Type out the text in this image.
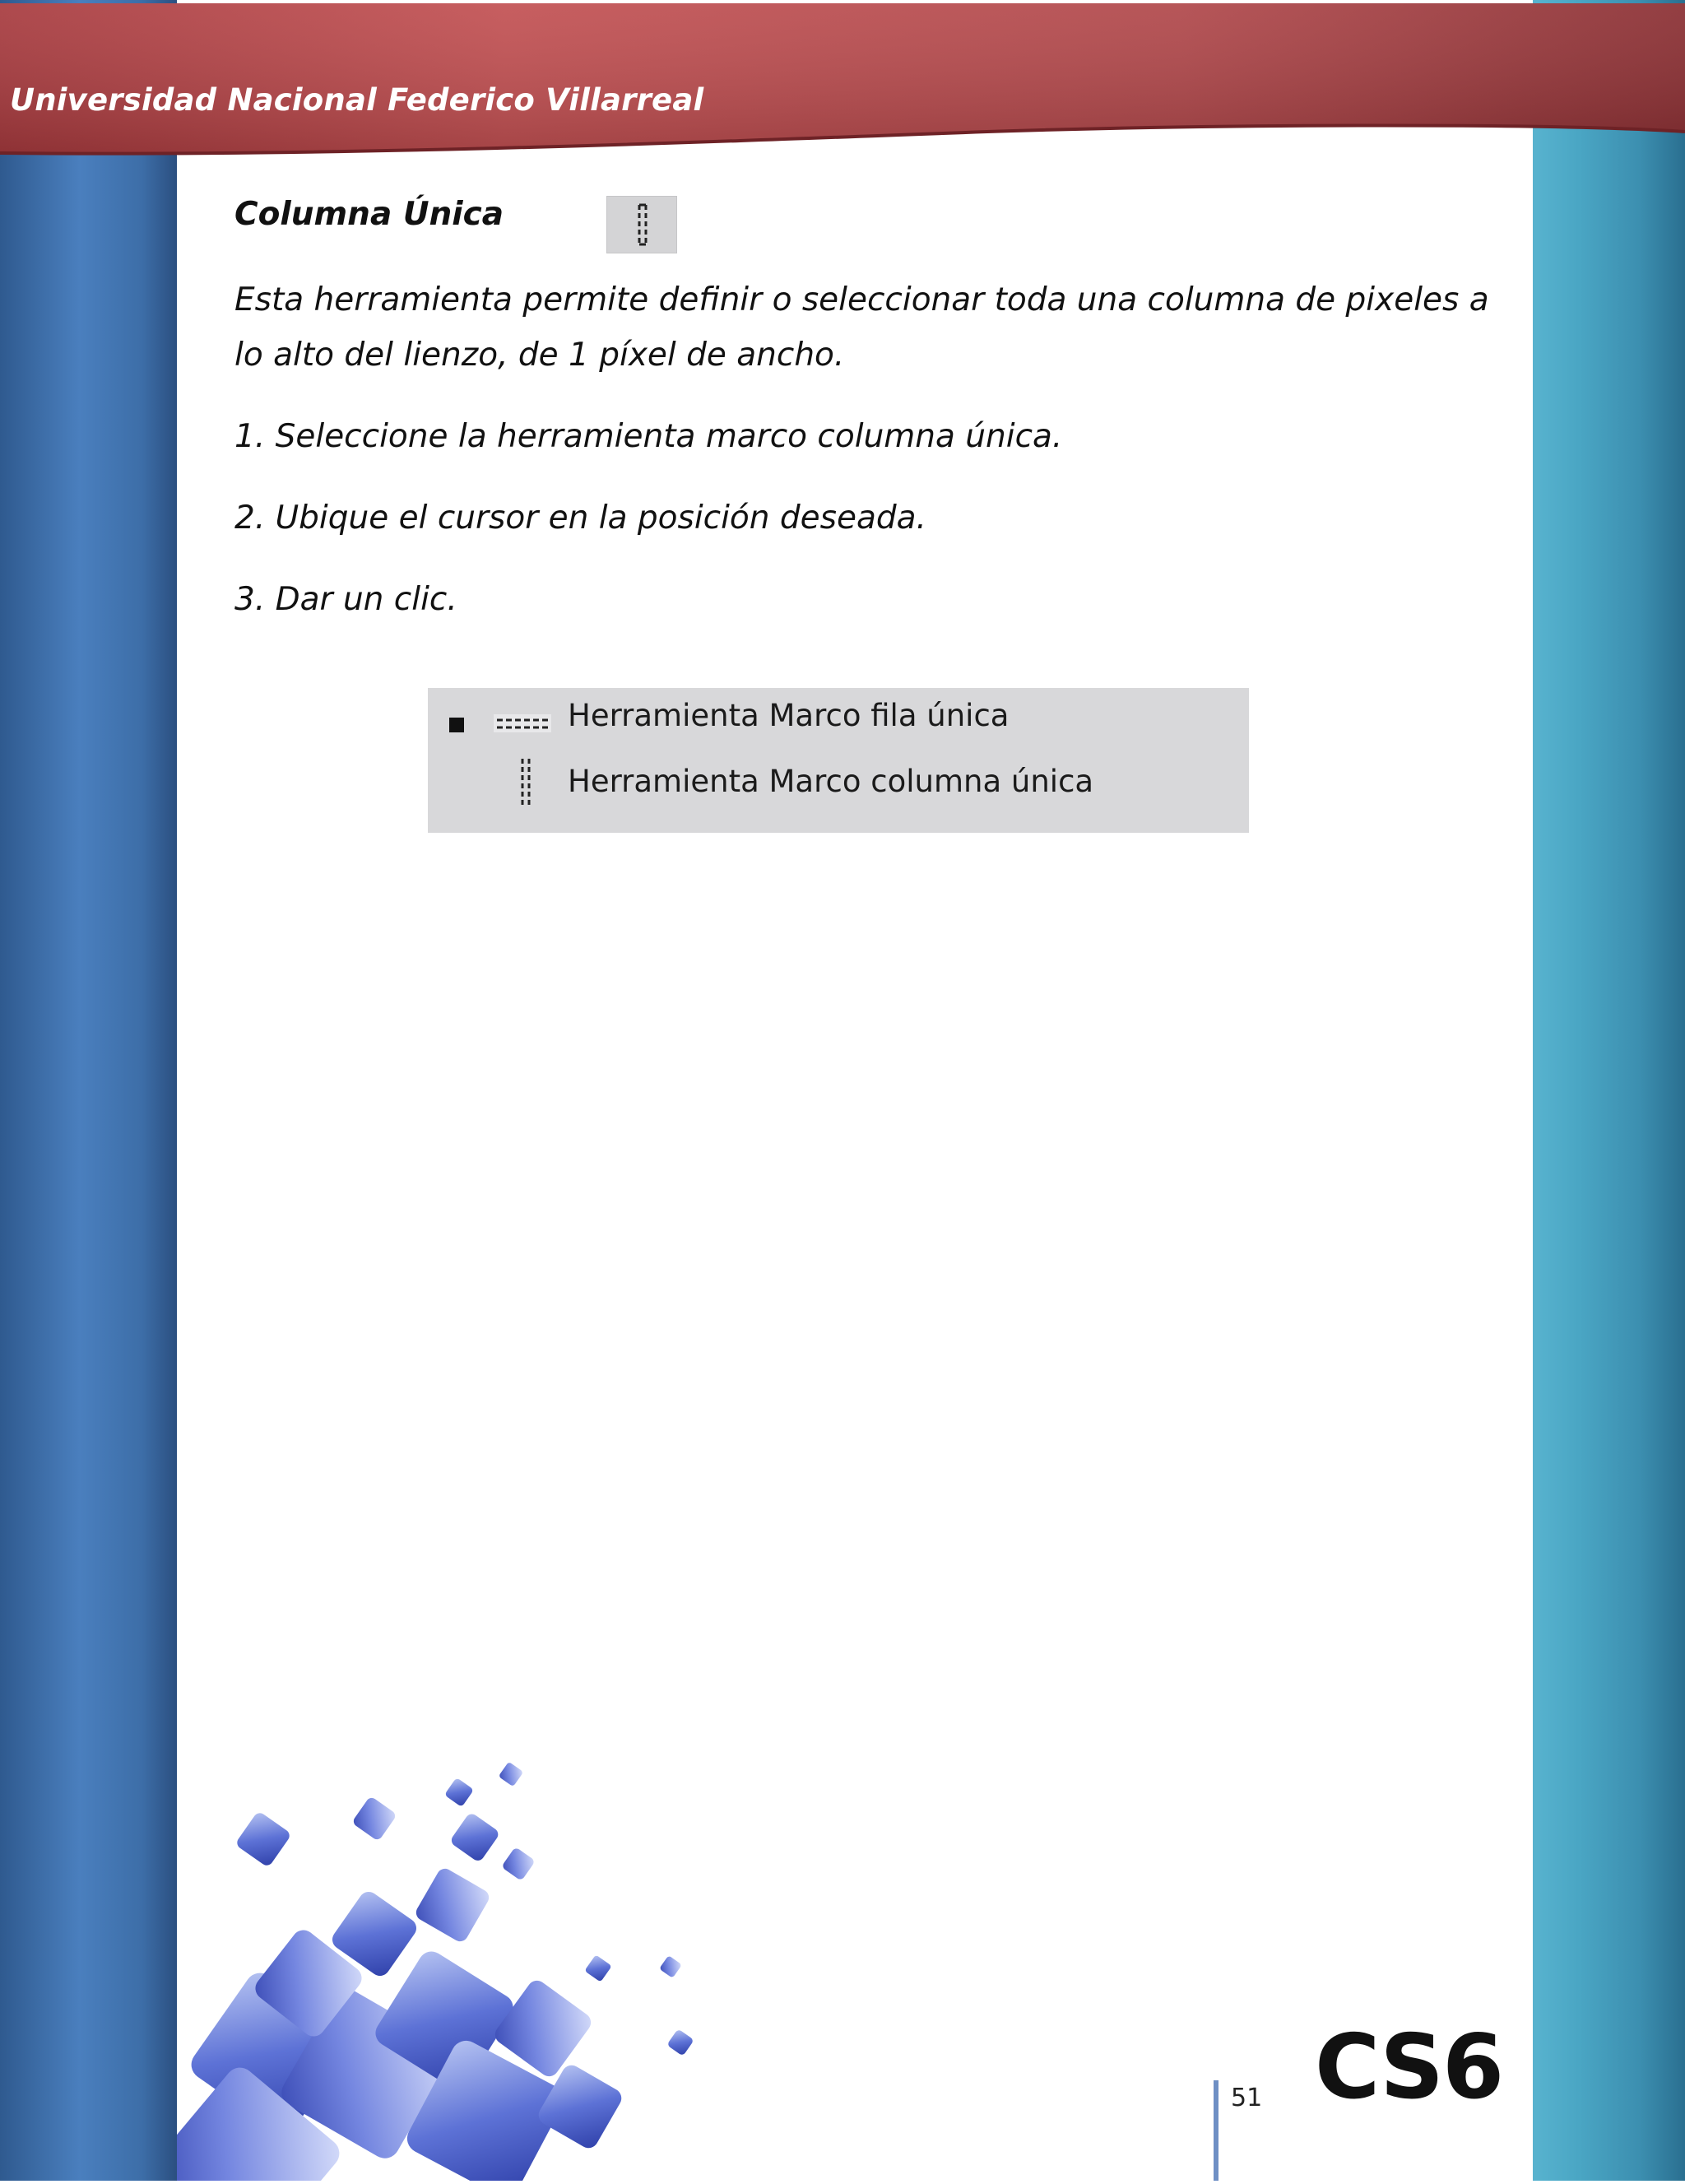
Universidad Nacional Federico Villarreal
Columna Única
Esta herramienta permite definir o seleccionar toda una columna de pixeles a
lo alto del lienzo, de 1 píxel de ancho.
1. Seleccione la herramienta marco columna única.
2. Ubique el cursor en la posición deseada.
3. Dar un clic.
Herramienta Marco fila única
Herramienta Marco columna única
51 CS6
